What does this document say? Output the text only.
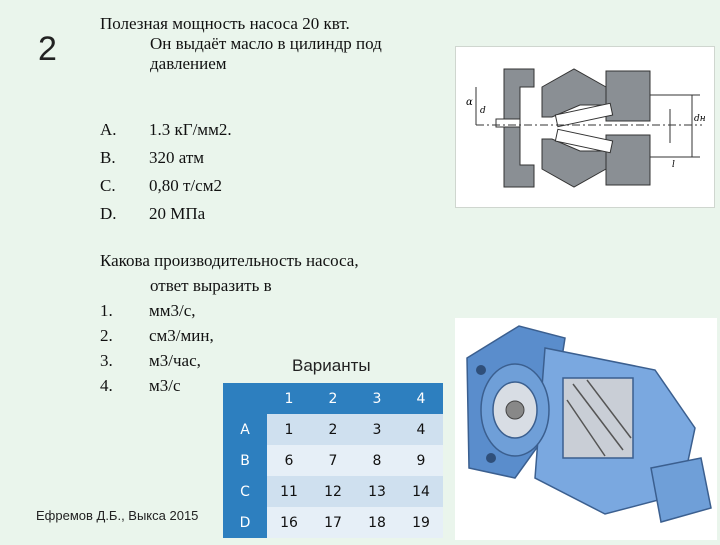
2
Полезная мощность насоса 20 квт.
Он выдаёт масло в цилиндр под
давлением
A.	1.3 кГ/мм2.
B.	320 атм
C.	0,80 т/см2
D.	20 МПа
Какова производительность насоса,
ответ выразить в
1.	мм3/с,
2.	см3/мин,
3.	м3/час,
4.	м3/с
α
d
dн
l
Варианты
	1	2	3	4
A	1	2	3	4
B	6	7	8	9
C	11	12	13	14
D	16	17	18	19
Ефремов Д.Б., Выкса 2015
